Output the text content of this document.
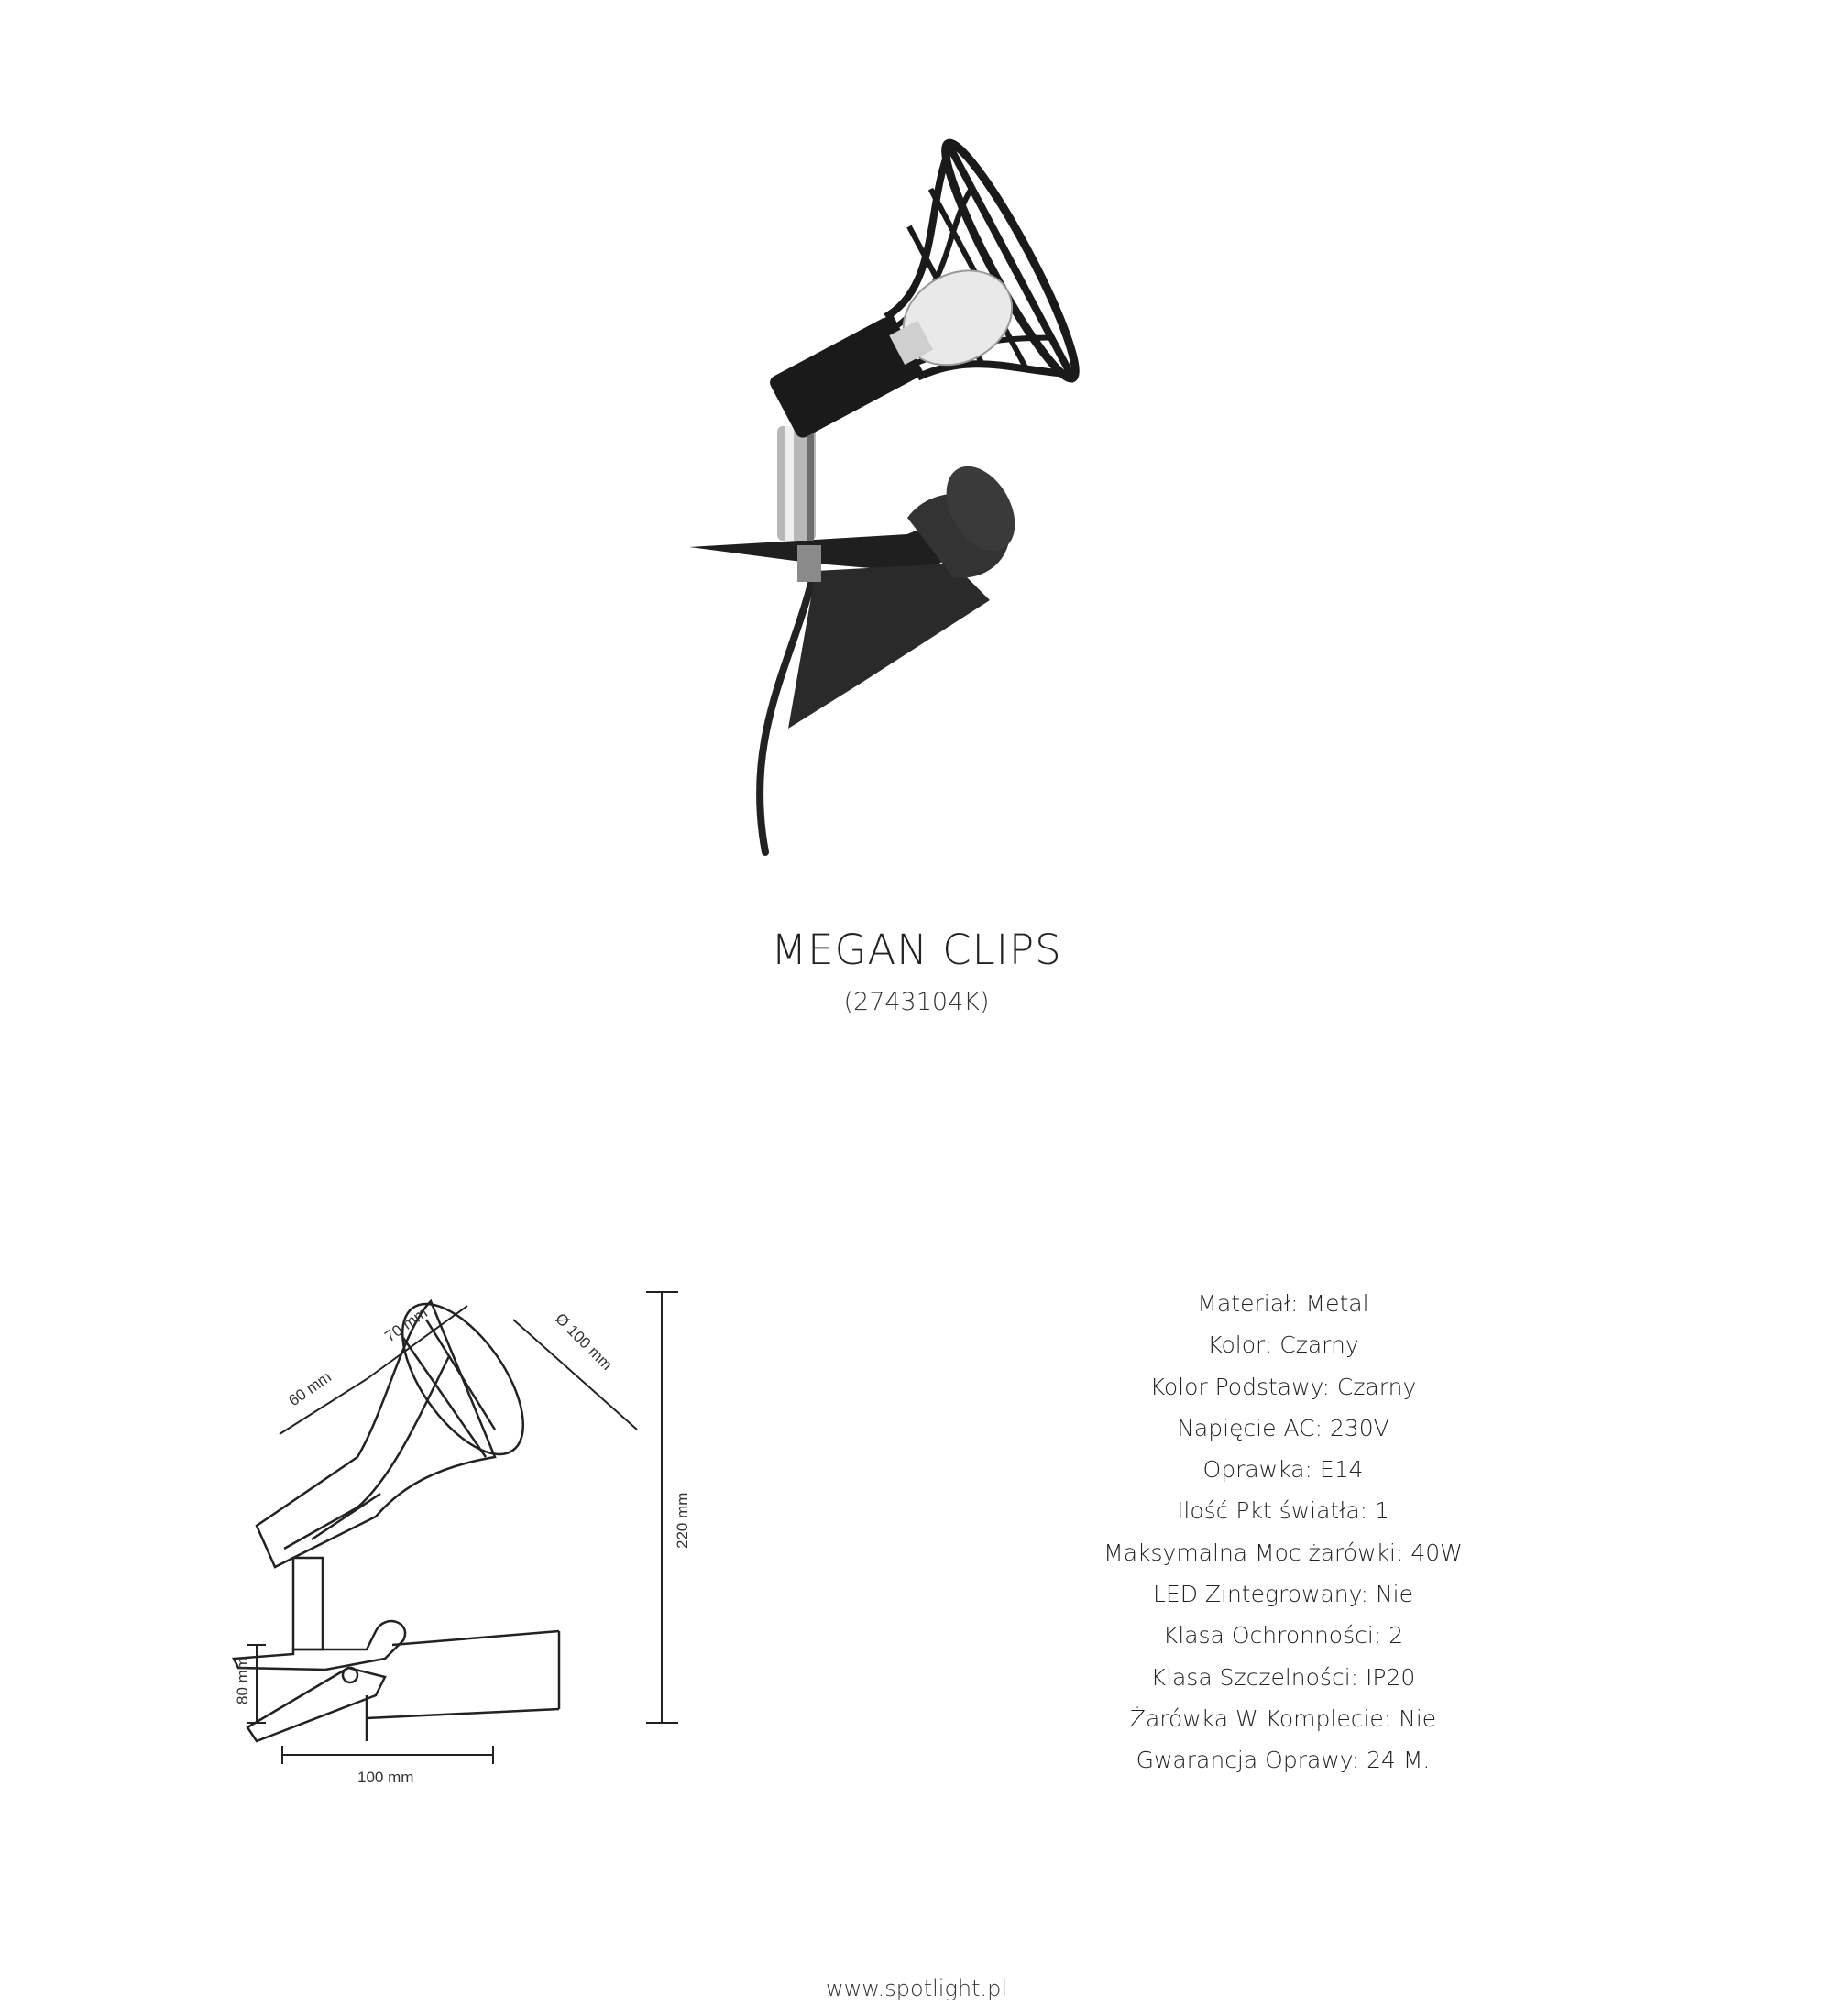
MEGAN CLIPS
(2743104K)
60 mm
70 mm	Ø 100 mm
220 mm
80 mm
100 mm
Materiał: Metal
Kolor: Czarny
Kolor Podstawy: Czarny
Napięcie AC: 230V
Oprawka: E14
Ilość Pkt światła: 1
Maksymalna Moc żarówki: 40W
LED Zintegrowany: Nie
Klasa Ochronności: 2
Klasa Szczelności: IP20
Żarówka W Komplecie: Nie
Gwarancja Oprawy: 24 M.
www.spotlight.pl
